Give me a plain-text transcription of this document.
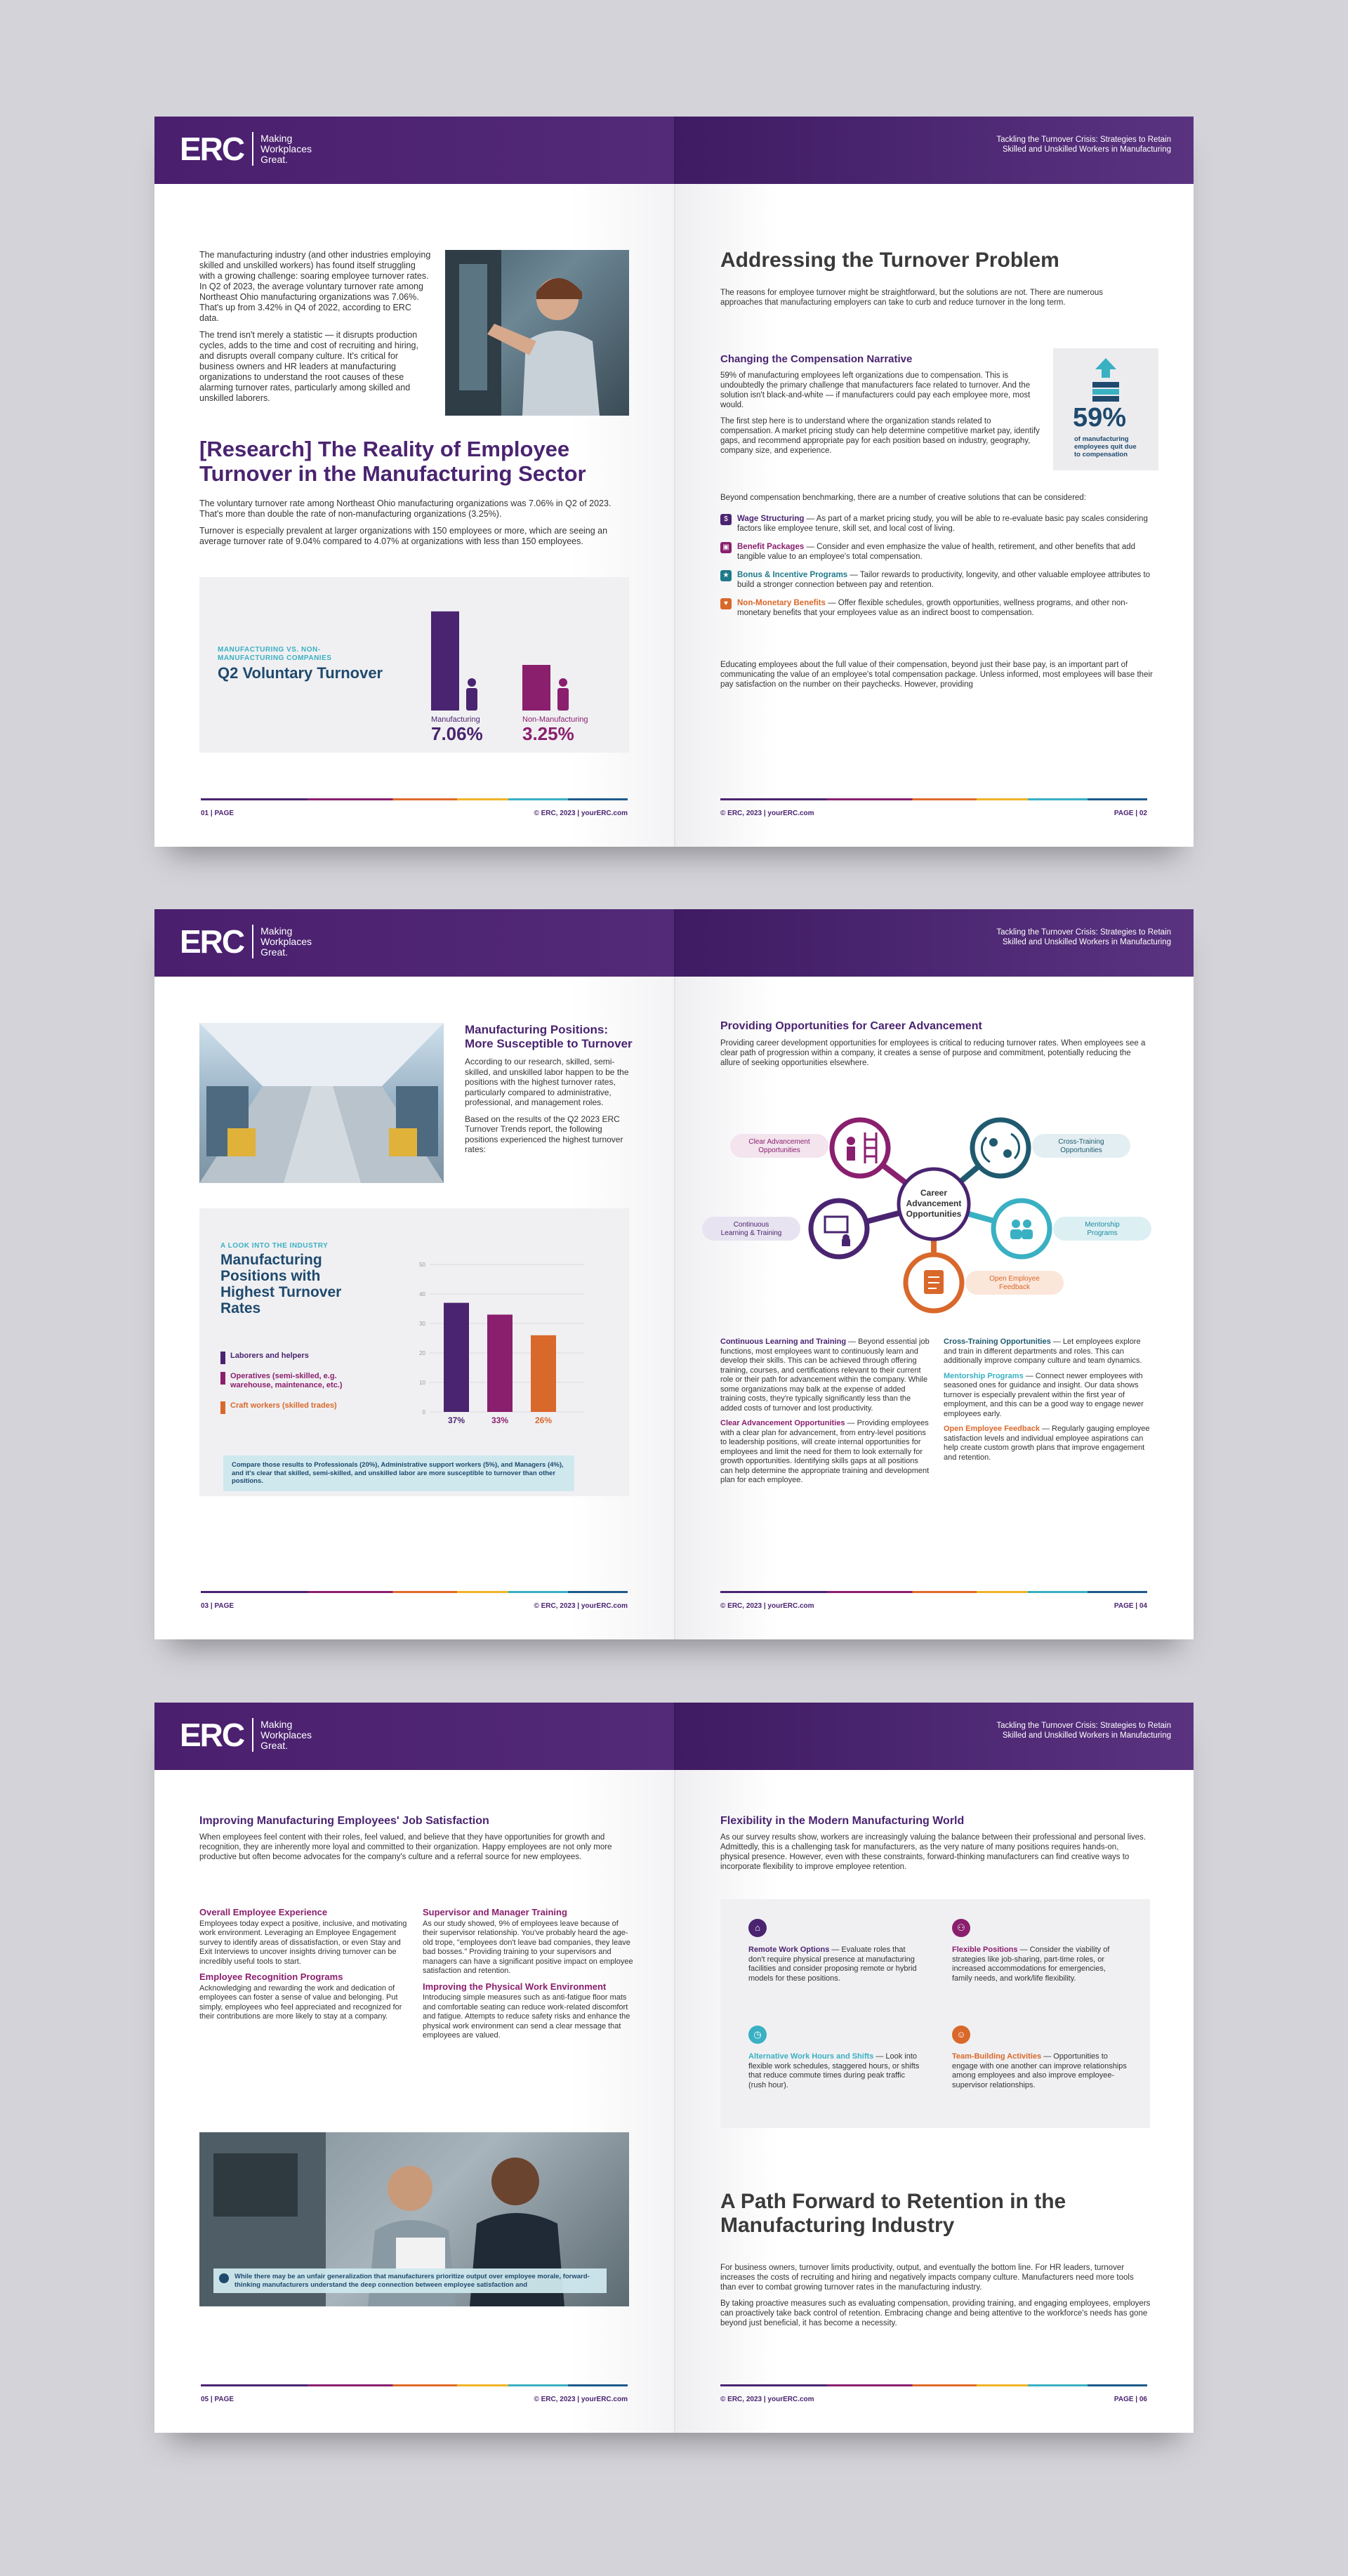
ERC	Making Workplaces Great.

The manufacturing industry (and other industries employing skilled and unskilled workers) has found itself struggling with a growing challenge: soaring employee turnover rates. In Q2 of 2023, the average voluntary turnover rate among Northeast Ohio manufacturing organizations was 7.06%. That's up from 3.42% in Q4 of 2022, according to ERC data.

The trend isn't merely a statistic — it disrupts production cycles, adds to the time and cost of recruiting and hiring, and disrupts overall company culture. It's critical for business owners and HR leaders at manufacturing organizations to understand the root causes of these alarming turnover rates, particularly among skilled and unskilled laborers.

[Research] The Reality of Employee Turnover in the Manufacturing Sector

The voluntary turnover rate among Northeast Ohio manufacturing organizations was 7.06% in Q2 of 2023. That's more than double the rate of non-manufacturing organizations (3.25%).

Turnover is especially prevalent at larger organizations with 150 employees or more, which are seeing an average turnover rate of 9.04% compared to 4.07% at organizations with less than 150 employees.

MANUFACTURING VS. NON-MANUFACTURING COMPANIES
Q2 Voluntary Turnover
Manufacturing
7.06%
Non-Manufacturing
3.25%
01 | PAGE	© ERC, 2023 | yourERC.com
Tackling the Turnover Crisis: Strategies to Retain Skilled and Unskilled Workers in Manufacturing
Addressing the Turnover Problem
The reasons for employee turnover might be straightforward, but the solutions are not. There are numerous approaches that manufacturing employers can take to curb and reduce turnover in the long term.
Changing the Compensation Narrative

59% of manufacturing employees left organizations due to compensation. This is undoubtedly the primary challenge that manufacturers face related to turnover. And the solution isn't black-and-white — if manufacturers could pay each employee more, most would.

The first step here is to understand where the organization stands related to compensation. A market pricing study can help determine competitive market pay, identify gaps, and recommend appropriate pay for each position based on industry, geography, company size, and experience.

59%
of manufacturing employees quit due to compensation
Beyond compensation benchmarking, there are a number of creative solutions that can be considered:
$	Wage Structuring — As part of a market pricing study, you will be able to re-evaluate basic pay scales considering factors like employee tenure, skill set, and local cost of living.
▣ Benefit Packages — Consider and even emphasize the value of health, retirement, and other benefits that add tangible value to an employee's total compensation.
★	Bonus & Incentive Programs — Tailor rewards to productivity, longevity, and other valuable employee attributes to build a stronger connection between pay and retention.
♥	Non-Monetary Benefits — Offer flexible schedules, growth opportunities, wellness programs, and other non-monetary benefits that your employees value as an indirect boost to compensation.
Educating employees about the full value of their compensation, beyond just their base pay, is an important part of communicating the value of an employee's total compensation package. Unless informed, most employees will base their pay satisfaction on the number on their paychecks. However, providing
© ERC, 2023 | yourERC.com	PAGE | 02
ERC	Making Workplaces Great.
Manufacturing Positions: More Susceptible to Turnover

According to our research, skilled, semi-skilled, and unskilled labor happen to be the positions with the highest turnover rates, particularly compared to administrative, professional, and management roles.

Based on the results of the Q2 2023 ERC Turnover Trends report, the following positions experienced the highest turnover rates:

A LOOK INTO THE INDUSTRY
Manufacturing Positions with Highest Turnover Rates
Laborers and helpers
Operatives (semi-skilled, e.g. warehouse, maintenance, etc.)
Craft workers (skilled trades)
50
40
30
20
10
0
37%	33%	26%
Compare those results to Professionals (20%), Administrative support workers (5%), and Managers (4%), and it's clear that skilled, semi-skilled, and unskilled labor are more susceptible to turnover than other positions.
03 | PAGE	© ERC, 2023 | yourERC.com
Tackling the Turnover Crisis: Strategies to Retain Skilled and Unskilled Workers in Manufacturing
Providing Opportunities for Career Advancement
Providing career development opportunities for employees is critical to reducing turnover rates. When employees see a clear path of progression within a company, it creates a sense of purpose and commitment, potentially reducing the allure of seeking opportunities elsewhere.
Career
Advancement
Opportunities
Clear Advancement
Opportunities
Cross-Training
Opportunities
Continuous
Learning & Training
Mentorship
Programs
Open Employee
Feedback
Continuous Learning and Training — Beyond essential job functions, most employees want to continuously learn and develop their skills. This can be achieved through offering training, courses, and certifications relevant to their current role or their path for advancement within the company. While some organizations may balk at the expense of added training costs, they're typically significantly less than the added costs of turnover and lost productivity.
Clear Advancement Opportunities — Providing employees with a clear plan for advancement, from entry-level positions to leadership positions, will create internal opportunities for employees and limit the need for them to look externally for growth opportunities. Identifying skills gaps at all positions can help determine the appropriate training and development plan for each employee.
Cross-Training Opportunities — Let employees explore and train in different departments and roles. This can additionally improve company culture and team dynamics.
Mentorship Programs — Connect newer employees with seasoned ones for guidance and insight. Our data shows turnover is especially prevalent within the first year of employment, and this can be a good way to engage newer employees early.
Open Employee Feedback — Regularly gauging employee satisfaction levels and individual employee aspirations can help create custom growth plans that improve engagement and retention.
© ERC, 2023 | yourERC.com	PAGE | 04
ERC	Making Workplaces Great.
Improving Manufacturing Employees' Job Satisfaction
When employees feel content with their roles, feel valued, and believe that they have opportunities for growth and recognition, they are inherently more loyal and committed to their organization. Happy employees are not only more productive but often become advocates for the company's culture and a referral source for new employees.
Overall Employee Experience
Employees today expect a positive, inclusive, and motivating work environment. Leveraging an Employee Engagement survey to identify areas of dissatisfaction, or even Stay and Exit Interviews to uncover insights driving turnover can be incredibly useful tools to start.
Employee Recognition Programs
Acknowledging and rewarding the work and dedication of employees can foster a sense of value and belonging. Put simply, employees who feel appreciated and recognized for their contributions are more likely to stay at a company.
Supervisor and Manager Training
As our study showed, 9% of employees leave because of their supervisor relationship. You've probably heard the age-old trope, "employees don't leave bad companies, they leave bad bosses." Providing training to your supervisors and managers can have a significant positive impact on employee satisfaction and retention.
Improving the Physical Work Environment
Introducing simple measures such as anti-fatigue floor mats and comfortable seating can reduce work-related discomfort and fatigue. Attempts to reduce safety risks and enhance the physical work environment can send a clear message that employees are valued.
While there may be an unfair generalization that manufacturers prioritize output over employee morale, forward-thinking manufacturers understand the deep connection between employee satisfaction and
05 | PAGE	© ERC, 2023 | yourERC.com
Tackling the Turnover Crisis: Strategies to Retain Skilled and Unskilled Workers in Manufacturing
Flexibility in the Modern Manufacturing World
As our survey results show, workers are increasingly valuing the balance between their professional and personal lives. Admittedly, this is a challenging task for manufacturers, as the very nature of many positions requires hands-on, physical presence. However, even with these constraints, forward-thinking manufacturers can find creative ways to incorporate flexibility to improve employee retention.
⌂
Remote Work Options — Evaluate roles that don't require physical presence at manufacturing facilities and consider proposing remote or hybrid models for these positions.
⚇
Flexible Positions — Consider the viability of strategies like job-sharing, part-time roles, or increased accommodations for emergencies, family needs, and work/life flexibility.
◷
Alternative Work Hours and Shifts — Look into flexible work schedules, staggered hours, or shifts that reduce commute times during peak traffic (rush hour).
☺
Team-Building Activities — Opportunities to engage with one another can improve relationships among employees and also improve employee-supervisor relationships.
A Path Forward to Retention in the Manufacturing Industry

For business owners, turnover limits productivity, output, and eventually the bottom line. For HR leaders, turnover increases the costs of recruiting and hiring and negatively impacts company culture. Manufacturers need more tools than ever to combat growing turnover rates in the manufacturing industry.

By taking proactive measures such as evaluating compensation, providing training, and engaging employees, employers can proactively take back control of retention. Embracing change and being attentive to the workforce's needs has gone beyond just beneficial, it has become a necessity.

© ERC, 2023 | yourERC.com	PAGE | 06
